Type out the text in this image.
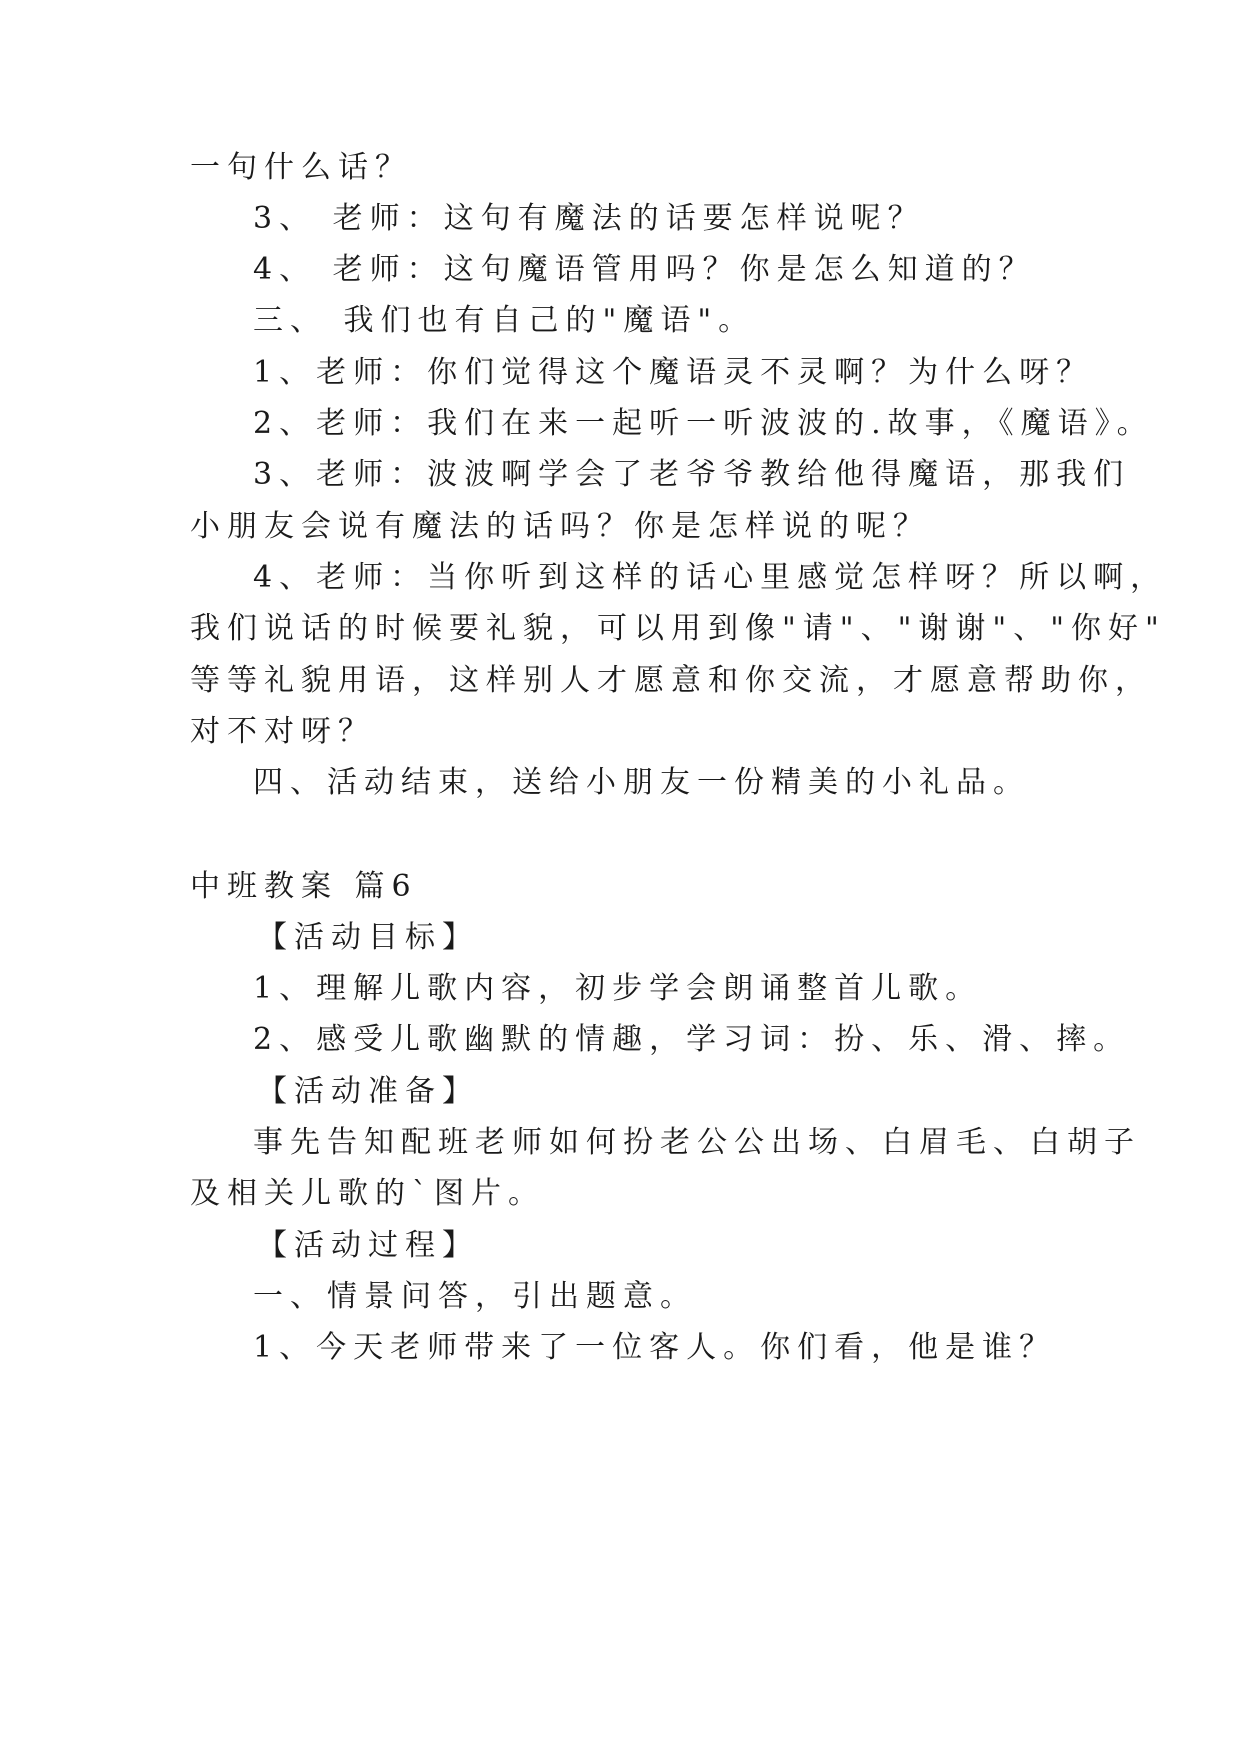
一句什么话？
3、 老师：这句有魔法的话要怎样说呢？
4、 老师：这句魔语管用吗？你是怎么知道的？
三、 我们也有自己的"魔语"。
1、老师：你们觉得这个魔语灵不灵啊？为什么呀？
2、老师：我们在来一起听一听波波的.故事，《魔语》。
3、老师：波波啊学会了老爷爷教给他得魔语，那我们
小朋友会说有魔法的话吗？你是怎样说的呢？
4、老师：当你听到这样的话心里感觉怎样呀？所以啊，
我们说话的时候要礼貌，可以用到像"请"、"谢谢"、"你好"
等等礼貌用语，这样别人才愿意和你交流，才愿意帮助你，
对不对呀？
四、活动结束，送给小朋友一份精美的小礼品。
中班教案 篇6
【活动目标】
1、理解儿歌内容，初步学会朗诵整首儿歌。
2、感受儿歌幽默的情趣，学习词：扮、乐、滑、摔。
【活动准备】
事先告知配班老师如何扮老公公出场、白眉毛、白胡子
及相关儿歌的`图片。
【活动过程】
一、情景问答，引出题意。
1、今天老师带来了一位客人。你们看，他是谁？
